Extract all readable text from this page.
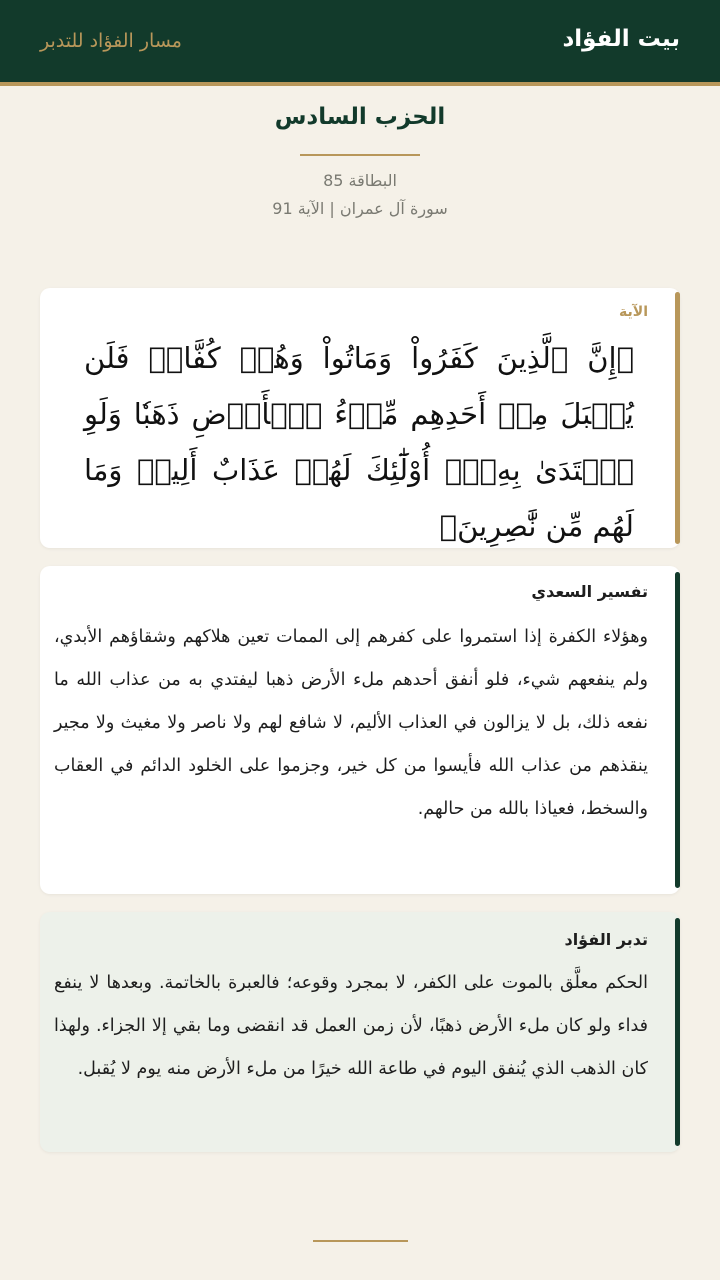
بيت الفؤاد
مسار الفؤاد للتدبر
الحزب السادس
البطاقة 85
سورة آل عمران | الآية 91
الآية
﴿إِنَّ ٱلَّذِينَ كَفَرُواْ وَمَاتُواْ وَهُمۡ كُفَّارٞ فَلَن يُقۡبَلَ مِنۡ أَحَدِهِم مِّلۡءُ ٱلۡأَرۡضِ ذَهَبٗا وَلَوِ ٱفۡتَدَىٰ بِهِۦٓۗ أُوْلَٰٓئِكَ لَهُمۡ عَذَابٌ أَلِيمٞ وَمَا لَهُم مِّن نَّٰصِرِينَ﴾
تفسير السعدي
وهؤلاء الكفرة إذا استمروا على كفرهم إلى الممات تعين هلاكهم وشقاؤهم الأبدي، ولم ينفعهم شيء، فلو أنفق أحدهم ملء الأرض ذهبا ليفتدي به من عذاب الله ما نفعه ذلك، بل لا يزالون في العذاب الأليم، لا شافع لهم ولا ناصر ولا مغيث ولا مجير ينقذهم من عذاب الله فأيسوا من كل خير، وجزموا على الخلود الدائم في العقاب والسخط، فعياذا بالله من حالهم.
تدبر الفؤاد
الحكم معلَّق بالموت على الكفر، لا بمجرد وقوعه؛ فالعبرة بالخاتمة. وبعدها لا ينفع فداء ولو كان ملء الأرض ذهبًا، لأن زمن العمل قد انقضى وما بقي إلا الجزاء. ولهذا كان الذهب الذي يُنفق اليوم في طاعة الله خيرًا من ملء الأرض منه يوم لا يُقبل.
